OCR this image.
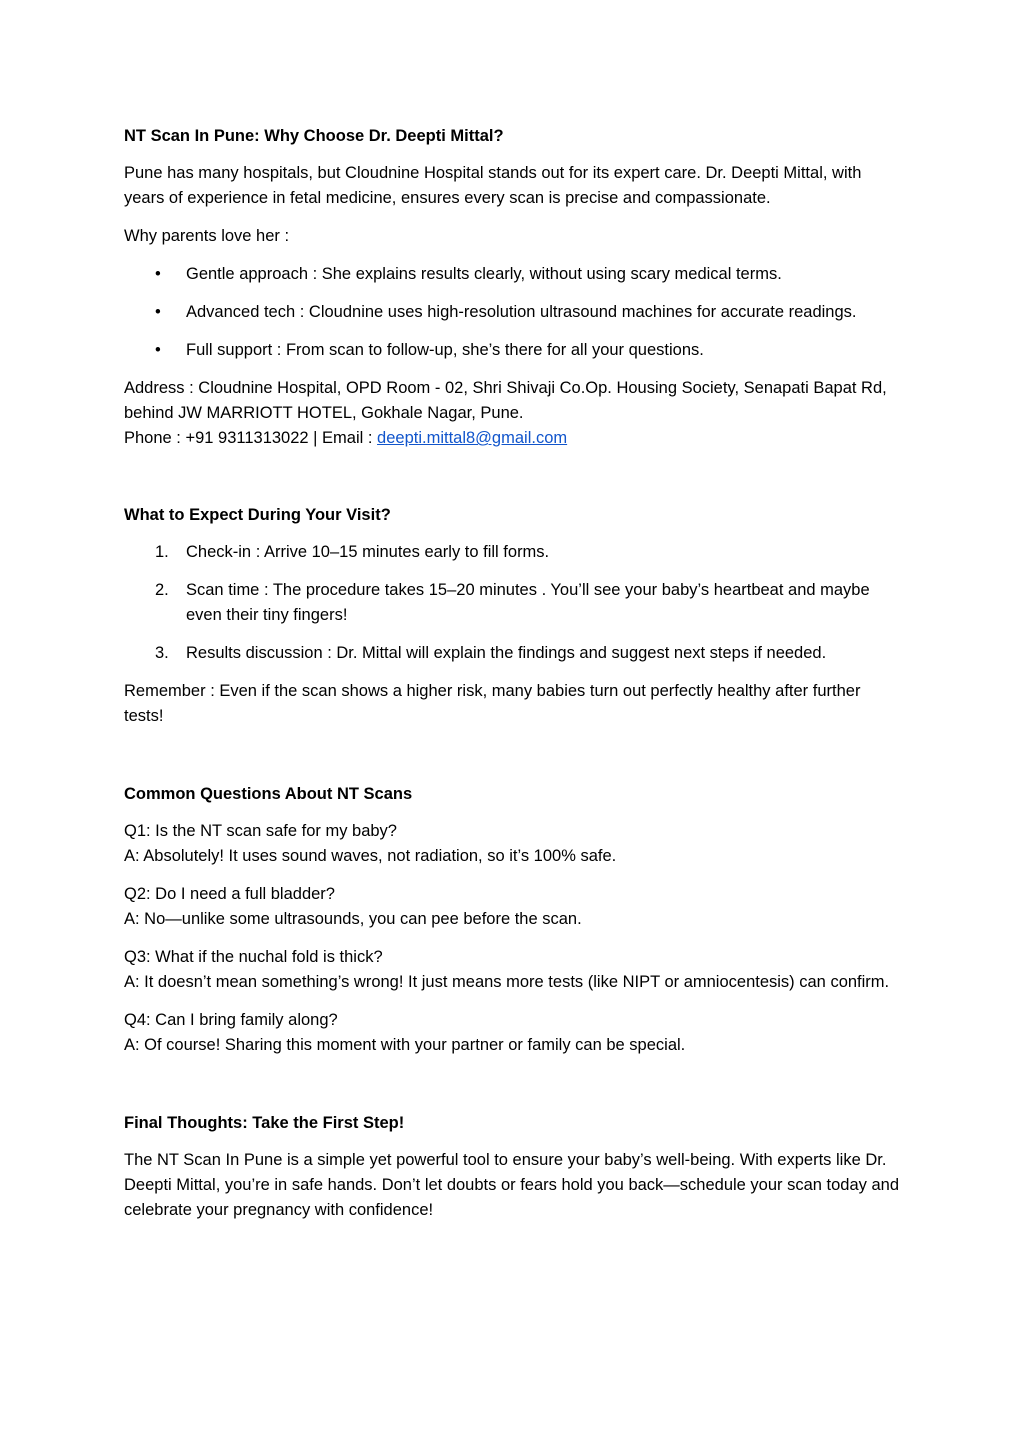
NT Scan In Pune: Why Choose Dr. Deepti Mittal?
Pune has many hospitals, but Cloudnine Hospital stands out for its expert care. Dr. Deepti Mittal, with years of experience in fetal medicine, ensures every scan is precise and compassionate.
Why parents love her :
• Gentle approach : She explains results clearly, without using scary medical terms.
• Advanced tech : Cloudnine uses high-resolution ultrasound machines for accurate readings.
• Full support : From scan to follow-up, she’s there for all your questions.
Address : Cloudnine Hospital, OPD Room - 02, Shri Shivaji Co.Op. Housing Society, Senapati Bapat Rd, behind JW MARRIOTT HOTEL, Gokhale Nagar, Pune.
Phone : +91 9311313022 | Email : deepti.mittal8@gmail.com
What to Expect During Your Visit?
1. Check-in : Arrive 10–15 minutes early to fill forms.
2. Scan time : The procedure takes 15–20 minutes . You’ll see your baby’s heartbeat and maybe even their tiny fingers!
3. Results discussion : Dr. Mittal will explain the findings and suggest next steps if needed.
Remember : Even if the scan shows a higher risk, many babies turn out perfectly healthy after further tests!
Common Questions About NT Scans
Q1: Is the NT scan safe for my baby?
A: Absolutely! It uses sound waves, not radiation, so it’s 100% safe.
Q2: Do I need a full bladder?
A: No—unlike some ultrasounds, you can pee before the scan.
Q3: What if the nuchal fold is thick?
A: It doesn’t mean something’s wrong! It just means more tests (like NIPT or amniocentesis) can confirm.
Q4: Can I bring family along?
A: Of course! Sharing this moment with your partner or family can be special.
Final Thoughts: Take the First Step!
The NT Scan In Pune is a simple yet powerful tool to ensure your baby’s well-being. With experts like Dr. Deepti Mittal, you’re in safe hands. Don’t let doubts or fears hold you back—schedule your scan today and celebrate your pregnancy with confidence!
